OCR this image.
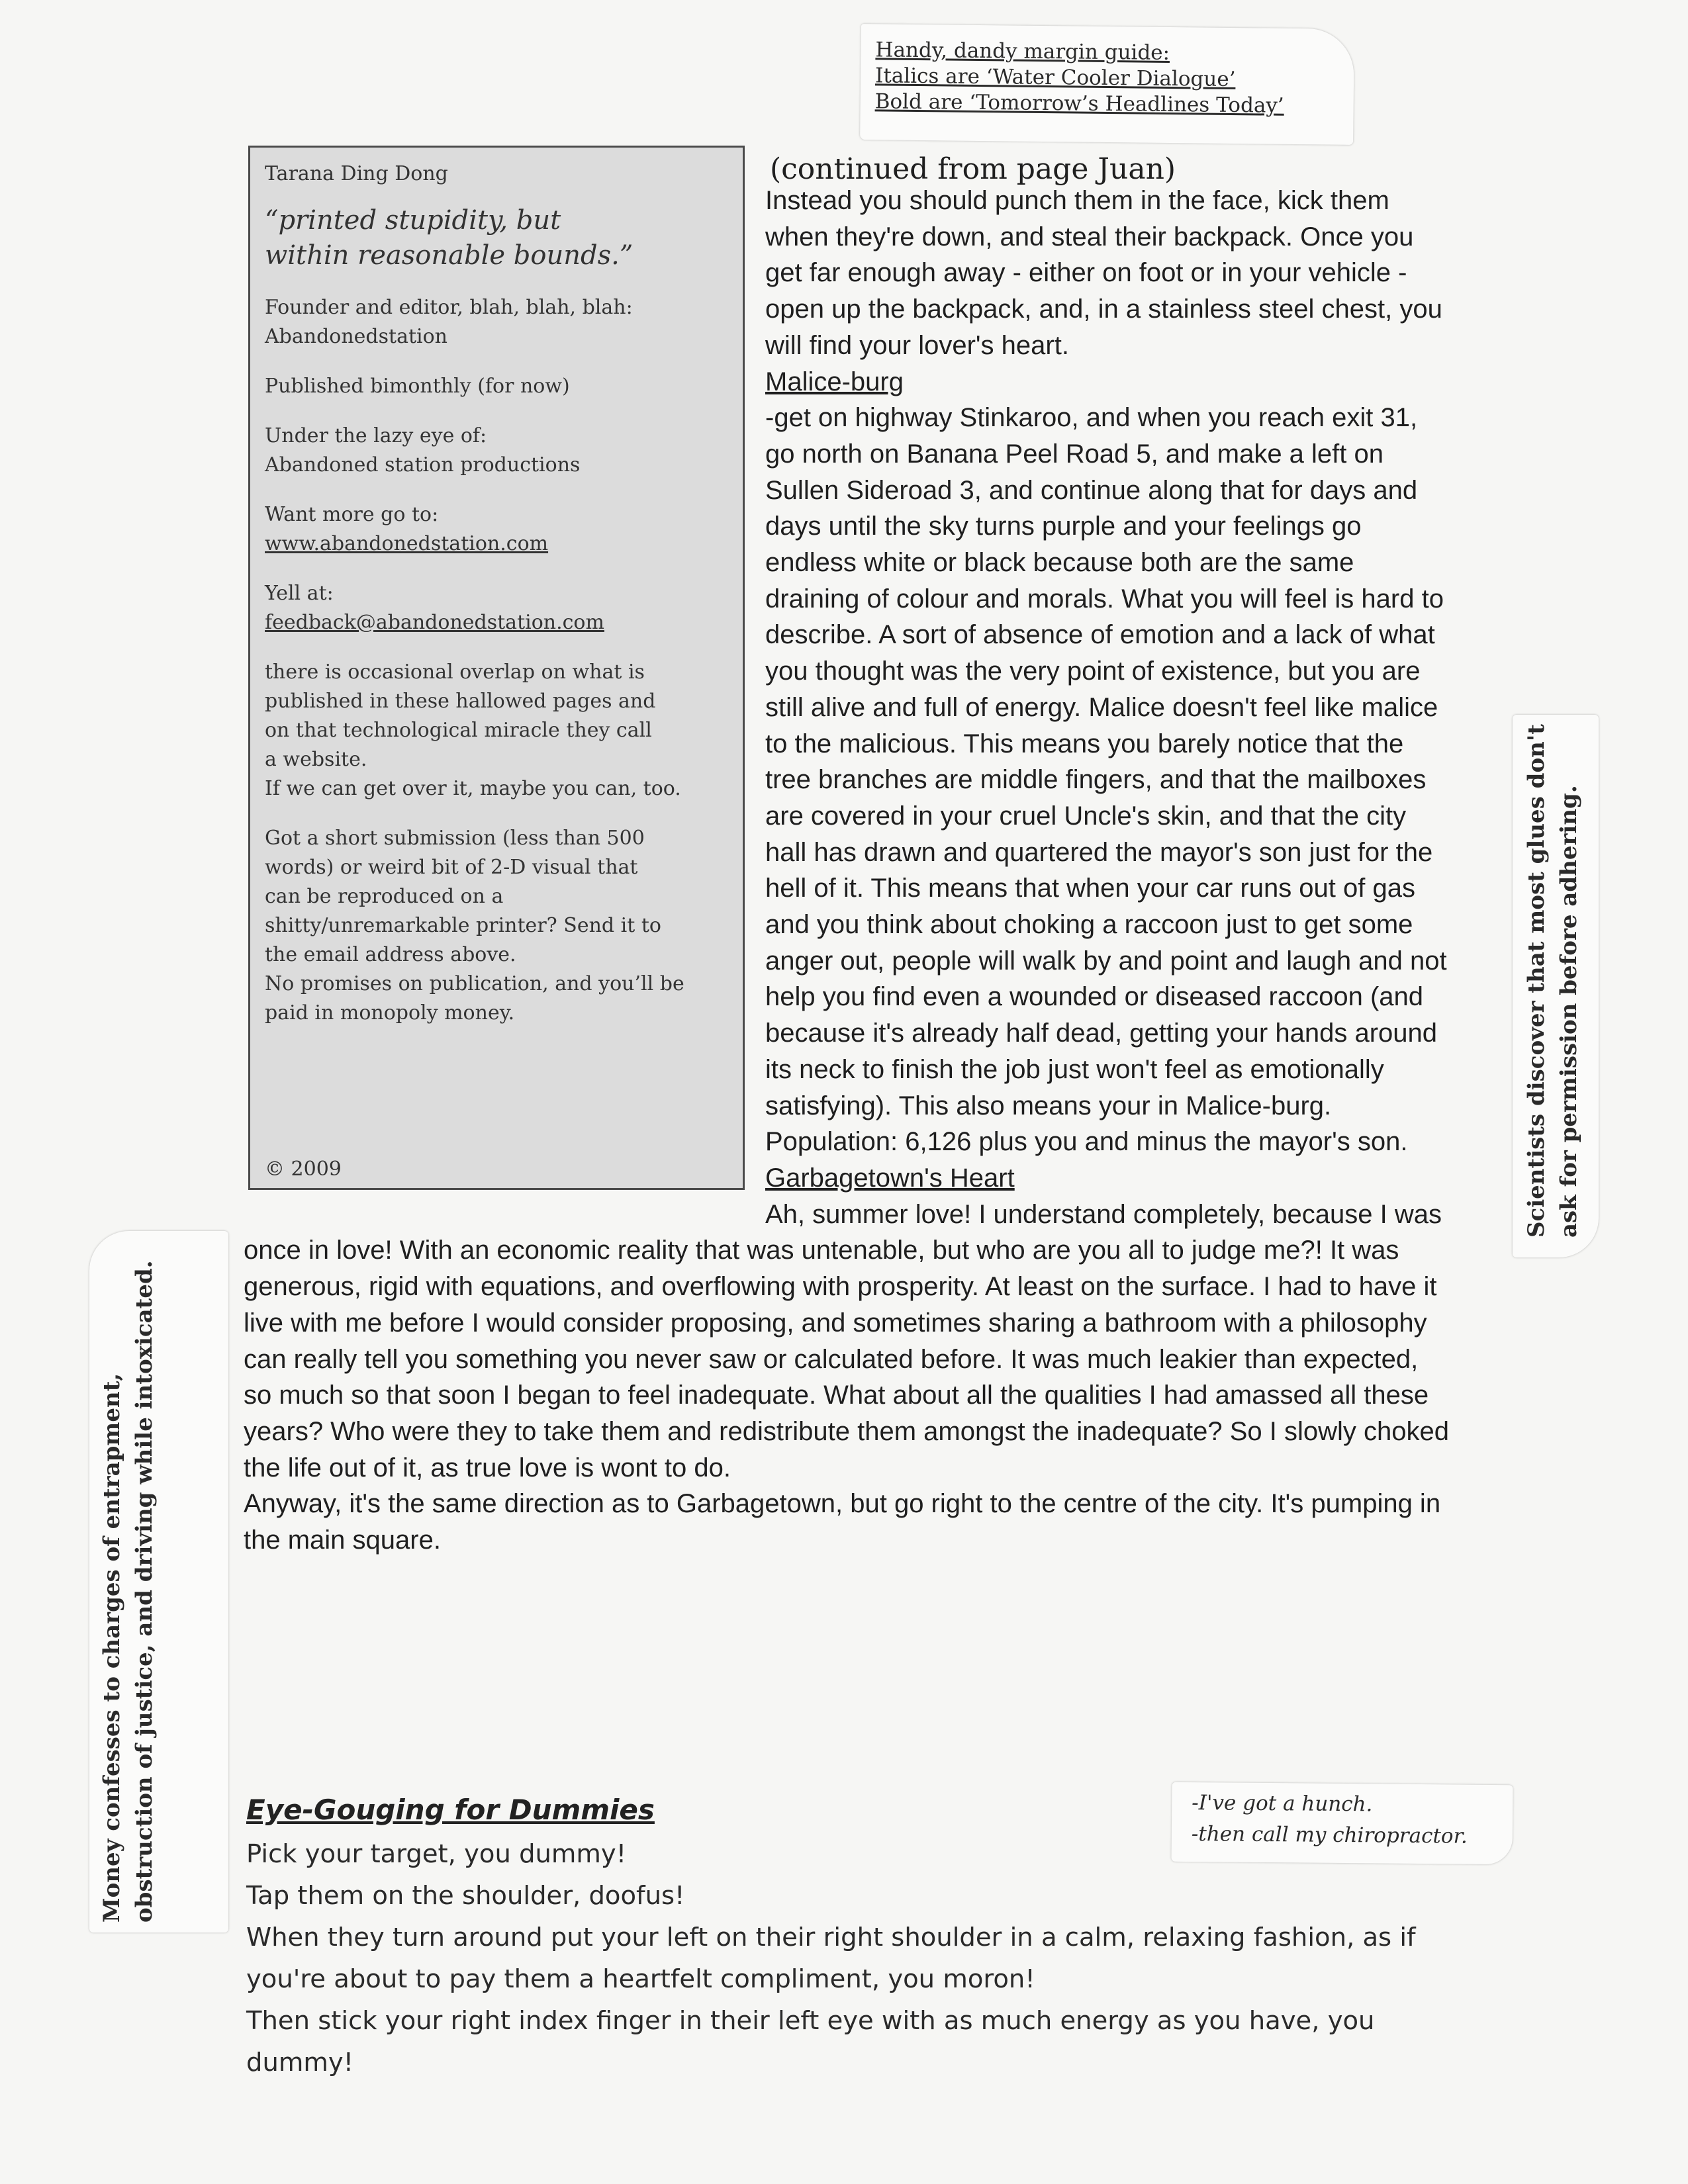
Handy, dandy margin guide:
Italics are ‘Water Cooler Dialogue’
Bold are ‘Tomorrow’s Headlines Today’

Tarana Ding Dong

“printed stupidity, but
within reasonable bounds.”

Founder and editor, blah, blah, blah:
Abandonedstation

Published bimonthly (for now)

Under the lazy eye of:
Abandoned station productions

Want more go to:
www.abandonedstation.com

Yell at:
feedback@abandonedstation.com

there is occasional overlap on what is
published in these hallowed pages and
on that technological miracle they call
a website.
If we can get over it, maybe you can, too.

Got a short submission (less than 500
words) or weird bit of 2-D visual that
can be reproduced on a
shitty/unremarkable printer? Send it to
the email address above.
No promises on publication, and you’ll be
paid in monopoly money.

© 2009

(continued from page Juan)

Instead you should punch them in the face, kick them when they're down, and steal their backpack. Once you get far enough away - either on foot or in your vehicle - open up the backpack, and, in a stainless steel chest, you will find your lover's heart.

Malice-burg

-get on highway Stinkaroo, and when you reach exit 31, go north on Banana Peel Road 5, and make a left on Sullen Sideroad 3, and continue along that for days and days until the sky turns purple and your feelings go endless white or black because both are the same draining of colour and morals. What you will feel is hard to describe. A sort of absence of emotion and a lack of what you thought was the very point of existence, but you are still alive and full of energy. Malice doesn't feel like malice to the malicious. This means you barely notice that the tree branches are middle fingers, and that the mailboxes are covered in your cruel Uncle's skin, and that the city hall has drawn and quartered the mayor's son just for the hell of it. This means that when your car runs out of gas and you think about choking a raccoon just to get some anger out, people will walk by and point and laugh and not help you find even a wounded or diseased raccoon (and because it's already half dead, getting your hands around its neck to finish the job just won't feel as emotionally satisfying). This also means your in Malice-burg. Population: 6,126 plus you and minus the mayor's son.

Garbagetown's Heart

Ah, summer love! I understand completely, because I was once in love! With an economic reality that was untenable, but who are you all to judge me?! It was generous, rigid with equations, and overflowing with prosperity. At least on the surface. I had to have it live with me before I would consider proposing, and sometimes sharing a bathroom with a philosophy can really tell you something you never saw or calculated before. It was much leakier than expected, so much so that soon I began to feel inadequate. What about all the qualities I had amassed all these years? Who were they to take them and redistribute them amongst the inadequate? So I slowly choked the life out of it, as true love is wont to do.

Anyway, it's the same direction as to Garbagetown, but go right to the centre of the city. It's pumping in the main square.

Money confesses to charges of entrapment, obstruction of justice, and driving while intoxicated.
Scientists discover that most glues don't ask for permission before adhering.
-I've got a hunch.
-then call my chiropractor.
Eye-Gouging for Dummies

Pick your target, you dummy!

Tap them on the shoulder, doofus!

When they turn around put your left on their right shoulder in a calm, relaxing fashion, as if you're about to pay them a heartfelt compliment, you moron!

Then stick your right index finger in their left eye with as much energy as you have, you dummy!
